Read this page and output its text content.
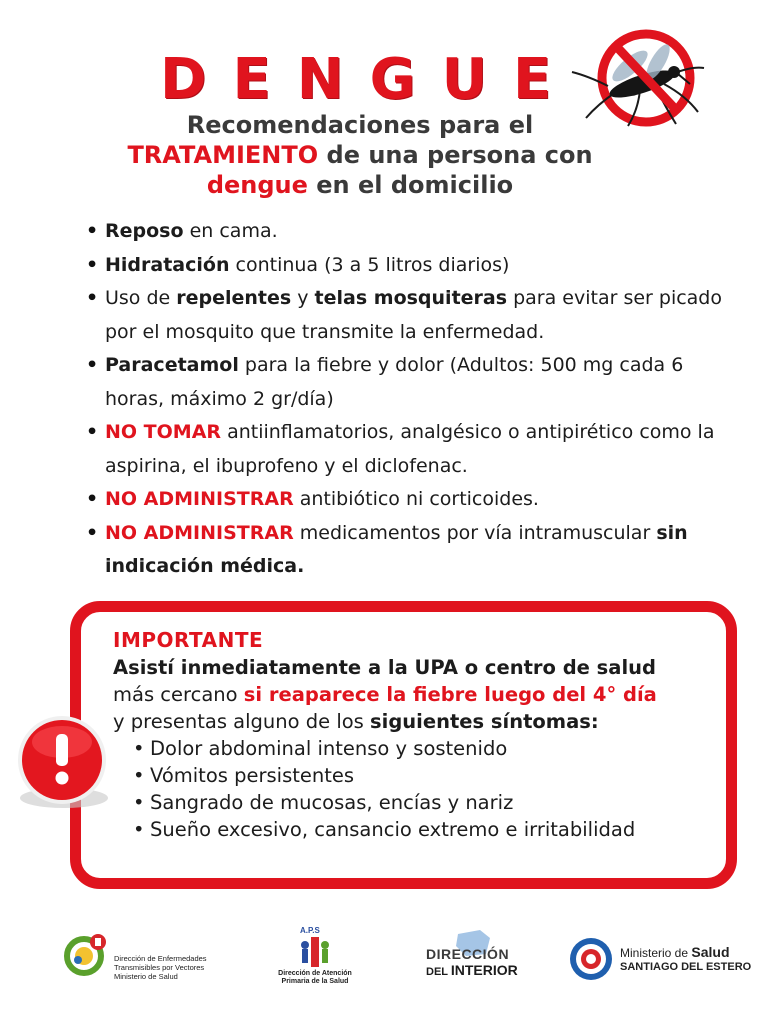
DENGUE
Recomendaciones para el
TRATAMIENTO de una persona con
dengue en el domicilio
• Reposo en cama.
• Hidratación continua (3 a 5 litros diarios)
• Uso de repelentes y telas mosquiteras para evitar ser picado por el mosquito que transmite la enfermedad.
• Paracetamol para la fiebre y dolor (Adultos: 500 mg cada 6 horas, máximo 2 gr/día)
• NO TOMAR antiinflamatorios, analgésico o antipirético como la aspirina, el ibuprofeno y el diclofenac.
• NO ADMINISTRAR antibiótico ni corticoides.
• NO ADMINISTRAR medicamentos por vía intramuscular sin indicación médica.
IMPORTANTE
Asistí inmediatamente a la UPA o centro de salud
más cercano si reaparece la fiebre luego del 4° día
y presentas alguno de los siguientes síntomas:
• Dolor abdominal intenso y sostenido
• Vómitos persistentes
• Sangrado de mucosas, encías y nariz
• Sueño excesivo, cansancio extremo e irritabilidad
Dirección de Enfermedades
Transmisibles por Vectores
Ministerio de Salud
A.P.S
Dirección de Atención
Primaria de la Salud
DIRECCIÓN
DEL INTERIOR
Ministerio de Salud
SANTIAGO DEL ESTERO
